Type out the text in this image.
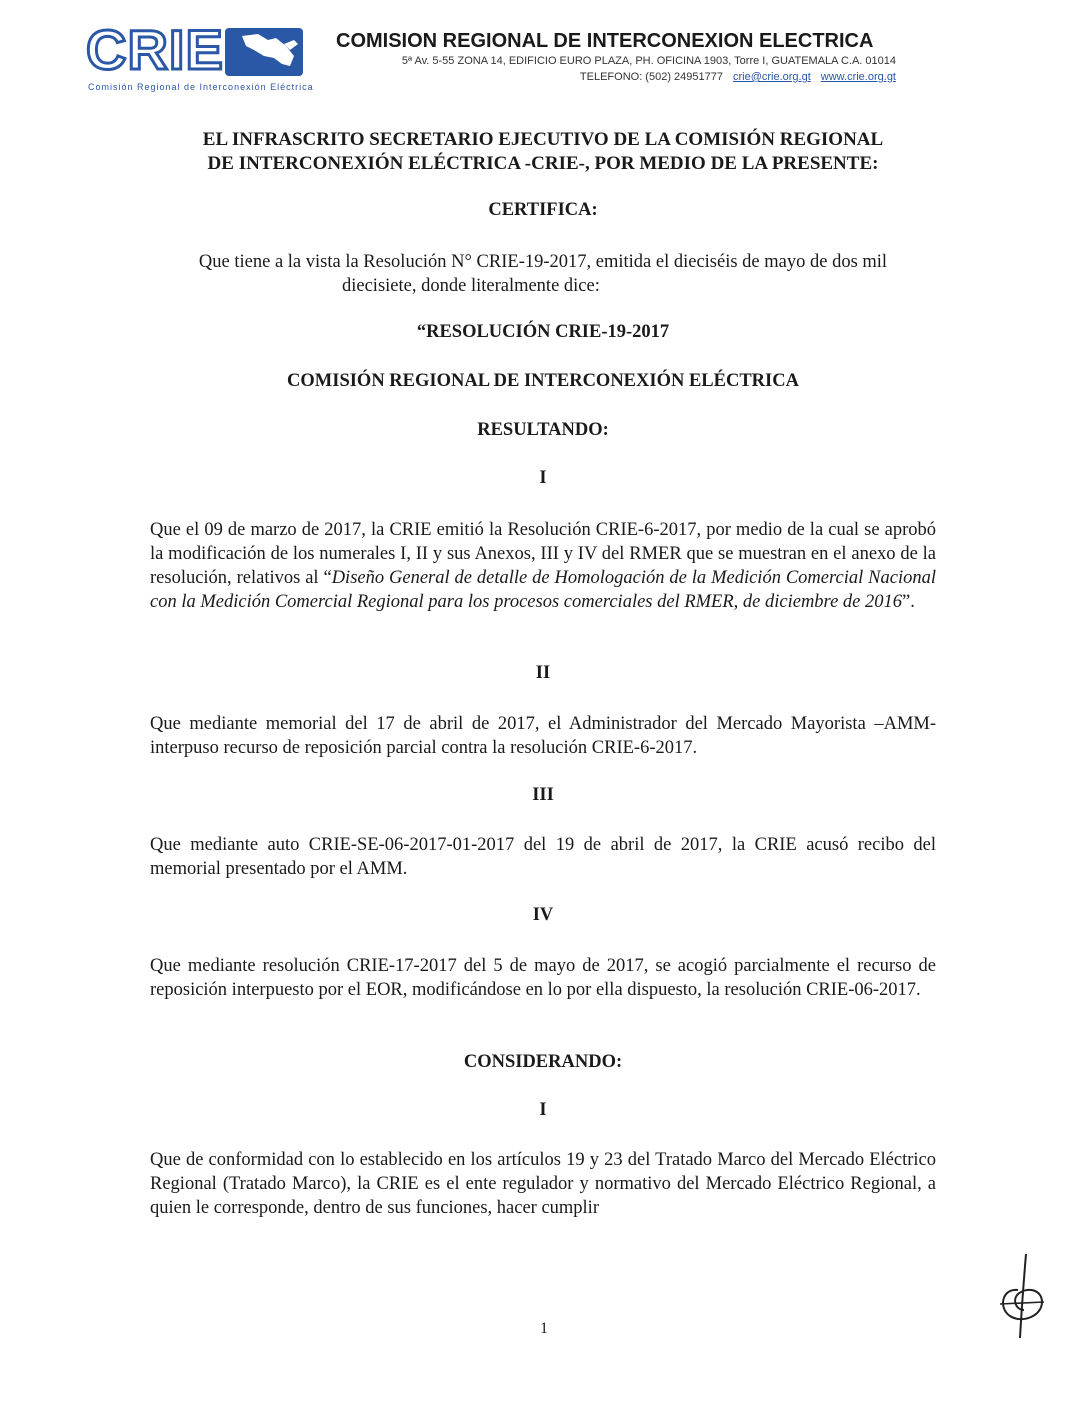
CRIE
Comisión Regional de Interconexión Eléctrica
COMISION REGIONAL DE INTERCONEXION ELECTRICA
5ª Av. 5-55 ZONA 14, EDIFICIO EURO PLAZA, PH. OFICINA 1903, Torre I, GUATEMALA C.A. 01014
TELEFONO: (502) 24951777 crie@crie.org.gt www.crie.org.gt

EL INFRASCRITO SECRETARIO EJECUTIVO DE LA COMISIÓN REGIONAL

DE INTERCONEXIÓN ELÉCTRICA -CRIE-, POR MEDIO DE LA PRESENTE:

CERTIFICA:

Que tiene a la vista la Resolución N° CRIE-19-2017, emitida el dieciséis de mayo de dos mil

diecisiete, donde literalmente dice:

“RESOLUCIÓN CRIE-19-2017

COMISIÓN REGIONAL DE INTERCONEXIÓN ELÉCTRICA

RESULTANDO:

I

Que el 09 de marzo de 2017, la CRIE emitió la Resolución CRIE-6-2017, por medio de la cual se aprobó la modificación de los numerales I, II y sus Anexos, III y IV del RMER que se muestran en el anexo de la resolución, relativos al “Diseño General de detalle de Homologación de la Medición Comercial Nacional con la Medición Comercial Regional para los procesos comerciales del RMER, de diciembre de 2016”.

II

Que mediante memorial del 17 de abril de 2017, el Administrador del Mercado Mayorista –AMM- interpuso recurso de reposición parcial contra la resolución CRIE-6-2017.

III

Que mediante auto CRIE-SE-06-2017-01-2017 del 19 de abril de 2017, la CRIE acusó recibo del memorial presentado por el AMM.

IV

Que mediante resolución CRIE-17-2017 del 5 de mayo de 2017, se acogió parcialmente el recurso de reposición interpuesto por el EOR, modificándose en lo por ella dispuesto, la resolución CRIE-06-2017.

CONSIDERANDO:

I

Que de conformidad con lo establecido en los artículos 19 y 23 del Tratado Marco del Mercado Eléctrico Regional (Tratado Marco), la CRIE es el ente regulador y normativo del Mercado Eléctrico Regional, a quien le corresponde, dentro de sus funciones, hacer cumplir

1
